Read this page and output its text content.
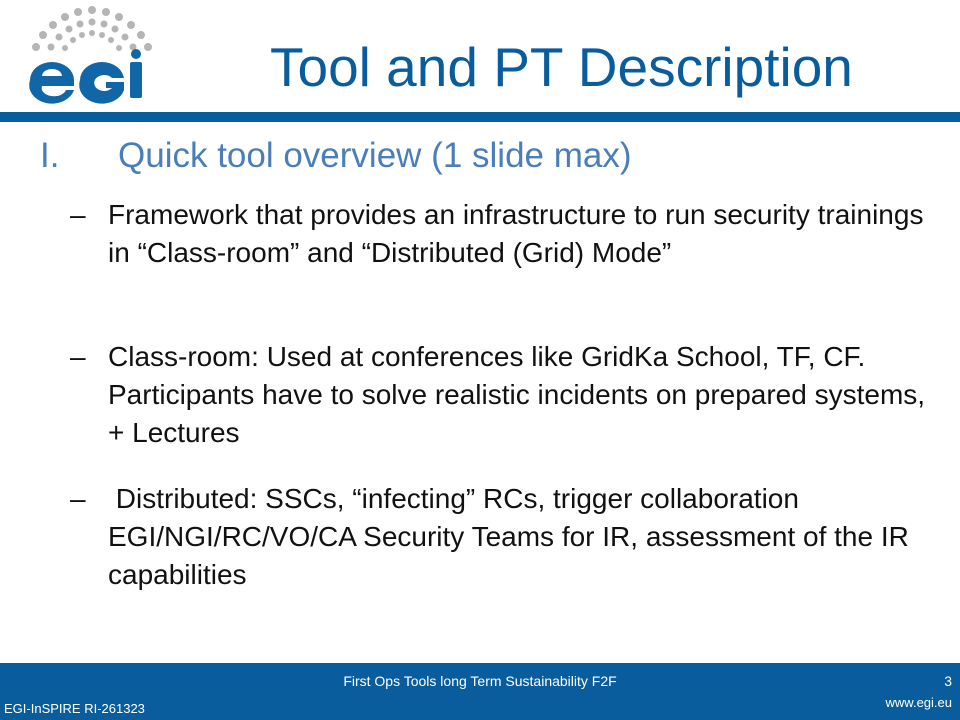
Tool and PT Description
I.	Quick tool overview (1 slide max)
– Framework that provides an infrastructure to run security trainings in “Class-room” and “Distributed (Grid) Mode”
– Class-room: Used at conferences like GridKa School, TF, CF. Participants have to solve realistic incidents on prepared systems, + Lectures
– Distributed: SSCs, “infecting” RCs, trigger collaboration EGI/NGI/RC/VO/CA Security Teams for IR, assessment of the IR capabilities
First Ops Tools long Term Sustainability F2F	3
EGI-InSPIRE RI-261323	www.egi.eu
